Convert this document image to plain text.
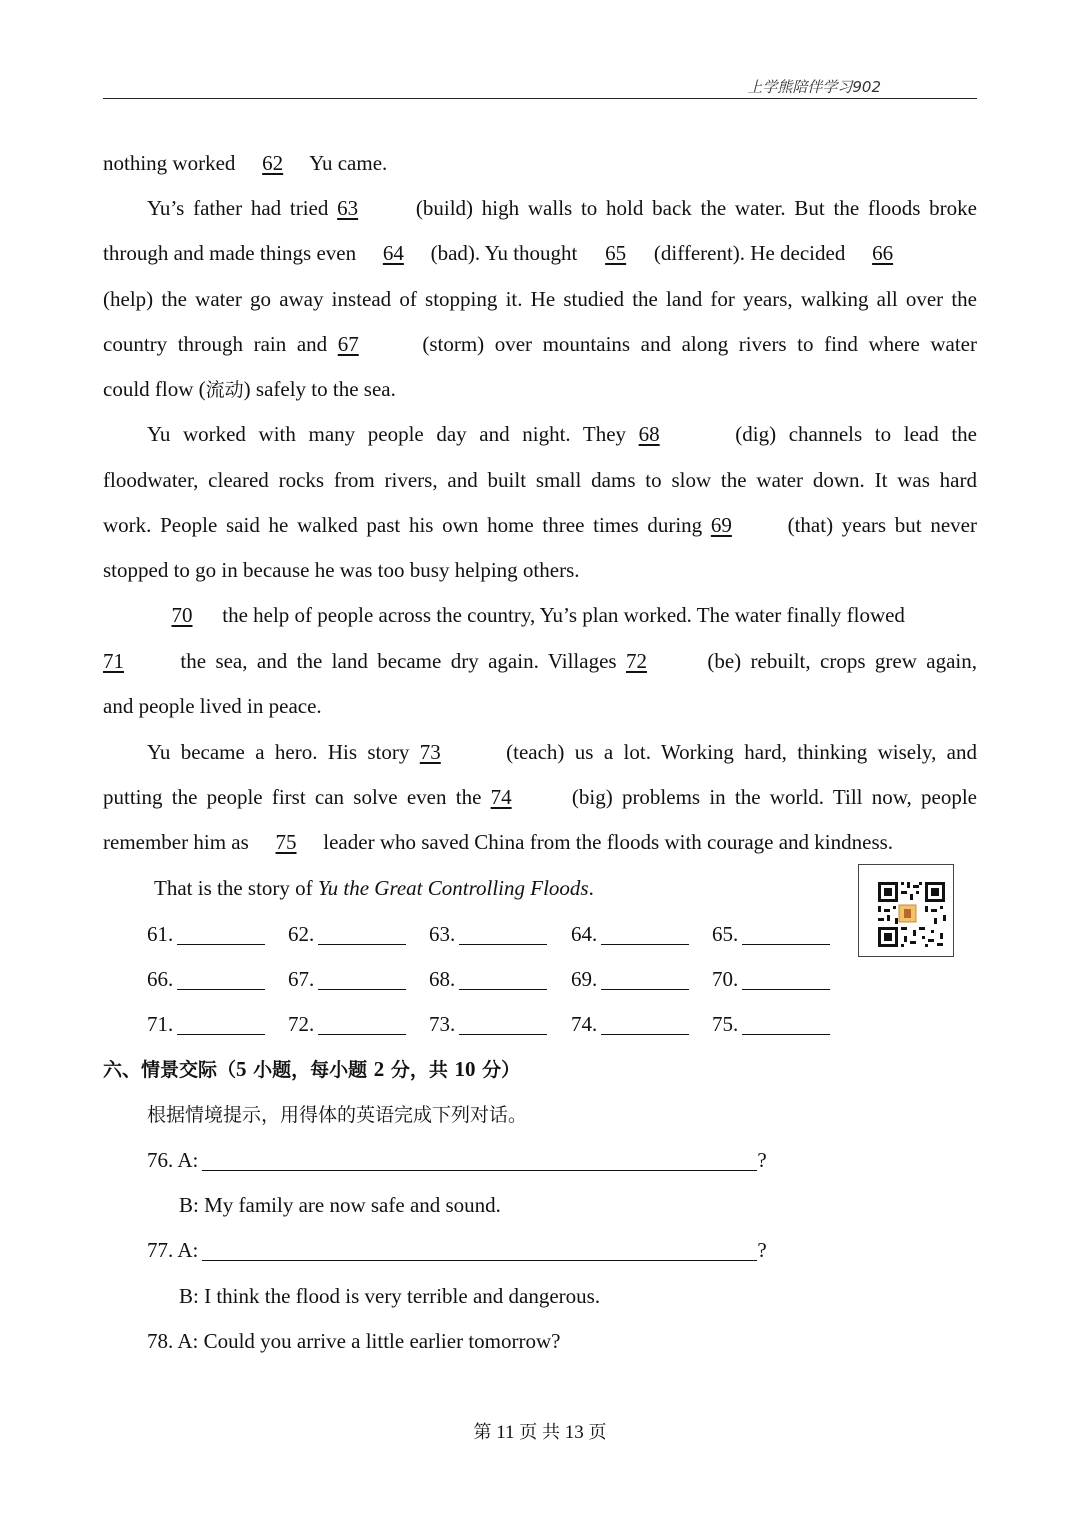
上学熊陪伴学习902
nothing worked 62 Yu came.
Yu’s father had tried 63 (build) high walls to hold back the water. But the floods broke
through and made things even 64 (bad). Yu thought 65 (different). He decided 66
(help) the water go away instead of stopping it. He studied the land for years, walking all over the
country through rain and 67	(storm) over mountains and along rivers to find where water
could flow (流动) safely to the sea.
Yu worked with many people day and night. They 68	(dig) channels to lead the
floodwater, cleared rocks from rivers, and built small dams to slow the water down. It was hard
work. People said he walked past his own home three times during 69 (that) years but never
stopped to go in because he was too busy helping others.
70 the help of people across the country, Yu’s plan worked. The water finally flowed
71 the sea, and the land became dry again. Villages 72 (be) rebuilt, crops grew again,
and people lived in peace.
Yu became a hero. His story 73	(teach) us a lot. Working hard, thinking wisely, and
putting the people first can solve even the 74 (big) problems in the world. Till now, people
remember him as 75 leader who saved China from the floods with courage and kindness.
That is the story of Yu the Great Controlling Floods.
61.	62.	63.	64.	65.
66.	67.	68.	69.	70.
71.	72.	73.	74.	75.
六、情景交际（5 小题，每小题 2 分，共 10 分）
根据情境提示，用得体的英语完成下列对话。
76. A:	?
B: My family are now safe and sound.
77. A:	?
B: I think the flood is very terrible and dangerous.
78. A: Could you arrive a little earlier tomorrow?
第 11 页 共 13 页
